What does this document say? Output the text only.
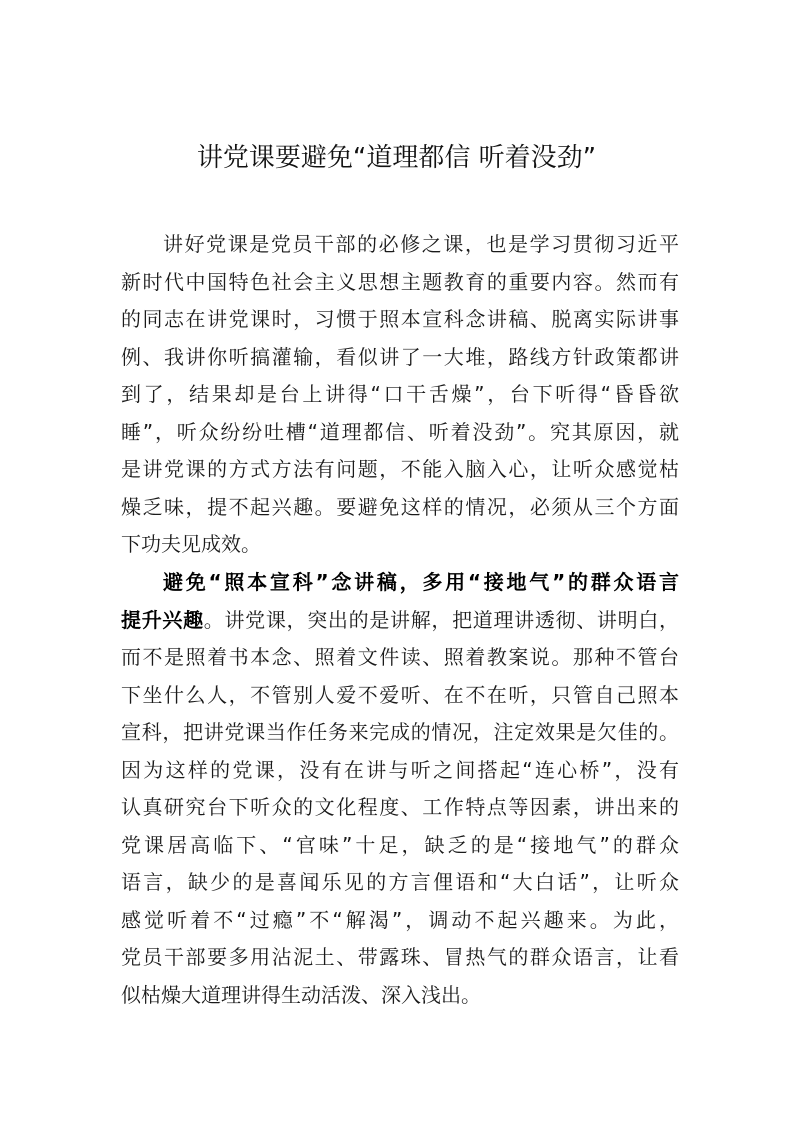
讲党课要避免“道理都信 听着没劲”
讲好党课是党员干部的必修之课，也是学习贯彻习近平
新时代中国特色社会主义思想主题教育的重要内容。然而有
的同志在讲党课时，习惯于照本宣科念讲稿、脱离实际讲事
例、我讲你听搞灌输，看似讲了一大堆，路线方针政策都讲
到了，结果却是台上讲得“口干舌燥”，台下听得“昏昏欲
睡”，听众纷纷吐槽“道理都信、听着没劲”。究其原因，就
是讲党课的方式方法有问题，不能入脑入心，让听众感觉枯
燥乏味，提不起兴趣。要避免这样的情况，必须从三个方面
下功夫见成效。
避免“照本宣科”念讲稿，多用“接地气”的群众语言
提升兴趣。讲党课，突出的是讲解，把道理讲透彻、讲明白，
而不是照着书本念、照着文件读、照着教案说。那种不管台
下坐什么人，不管别人爱不爱听、在不在听，只管自己照本
宣科，把讲党课当作任务来完成的情况，注定效果是欠佳的。
因为这样的党课，没有在讲与听之间搭起“连心桥”，没有
认真研究台下听众的文化程度、工作特点等因素，讲出来的
党课居高临下、“官味”十足，缺乏的是“接地气”的群众
语言，缺少的是喜闻乐见的方言俚语和“大白话”，让听众
感觉听着不“过瘾”不“解渴”，调动不起兴趣来。为此，
党员干部要多用沾泥土、带露珠、冒热气的群众语言，让看
似枯燥大道理讲得生动活泼、深入浅出。
